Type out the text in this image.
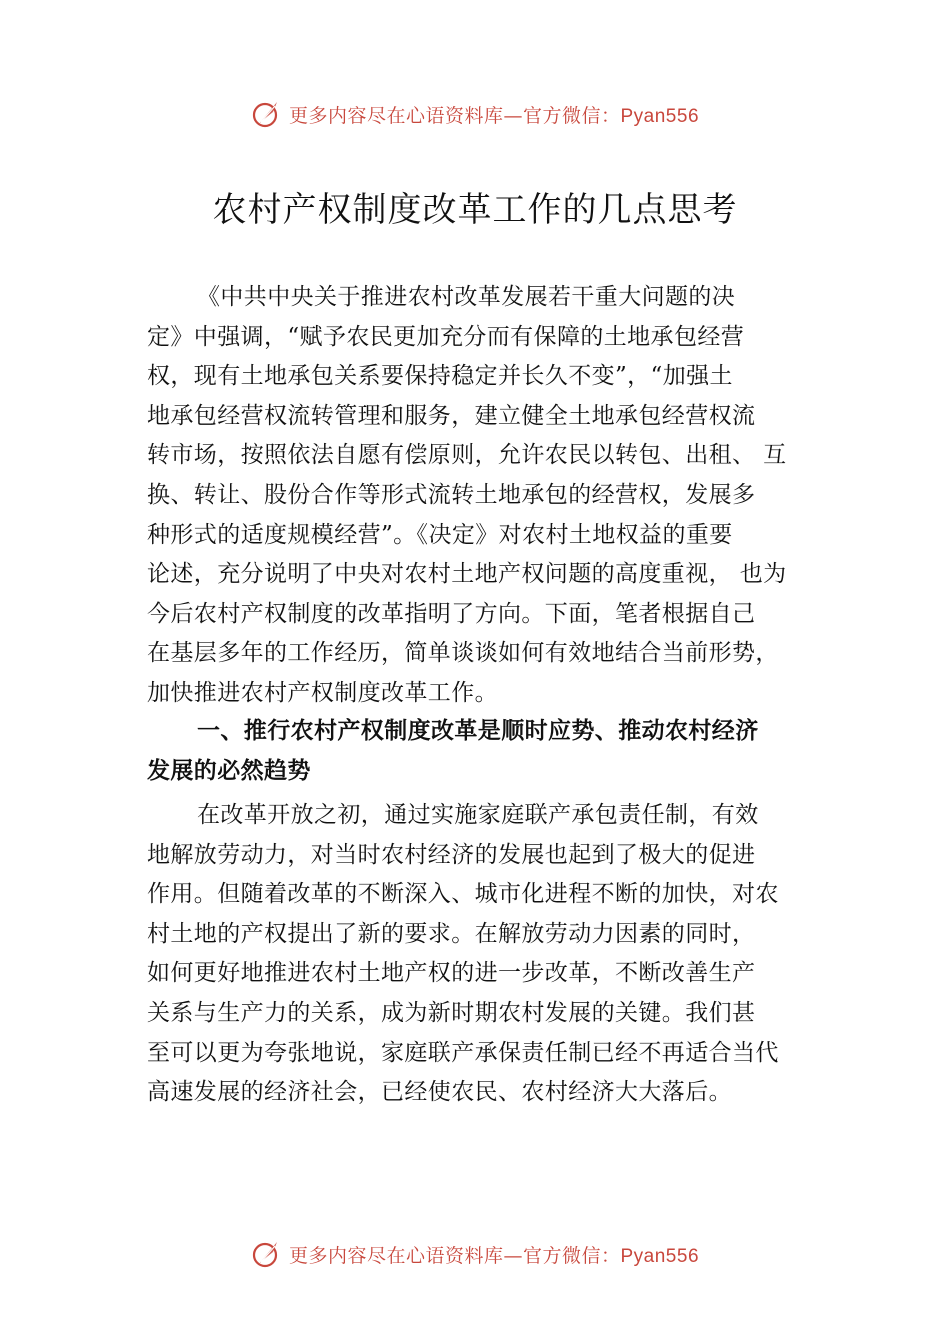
更多内容尽在心语资料库—官方微信：Pyan556
农村产权制度改革工作的几点思考
《中共中央关于推进农村改革发展若干重大问题的决
定》中强调，“赋予农民更加充分而有保障的土地承包经营
权，现有土地承包关系要保持稳定并长久不变”，“加强土
地承包经营权流转管理和服务，建立健全土地承包经营权流
转市场，按照依法自愿有偿原则，允许农民以转包、出租、 互
换、转让、股份合作等形式流转土地承包的经营权，发展多
种形式的适度规模经营”。《决定》对农村土地权益的重要
论述，充分说明了中央对农村土地产权问题的高度重视， 也为
今后农村产权制度的改革指明了方向。下面，笔者根据自己
在基层多年的工作经历，简单谈谈如何有效地结合当前形势，
加快推进农村产权制度改革工作。
一、推行农村产权制度改革是顺时应势、推动农村经济
发展的必然趋势
在改革开放之初，通过实施家庭联产承包责任制，有效
地解放劳动力，对当时农村经济的发展也起到了极大的促进
作用。但随着改革的不断深入、城市化进程不断的加快，对农
村土地的产权提出了新的要求。在解放劳动力因素的同时，
如何更好地推进农村土地产权的进一步改革，不断改善生产
关系与生产力的关系，成为新时期农村发展的关键。我们甚
至可以更为夸张地说，家庭联产承保责任制已经不再适合当代
高速发展的经济社会，已经使农民、农村经济大大落后。
更多内容尽在心语资料库—官方微信：Pyan556
